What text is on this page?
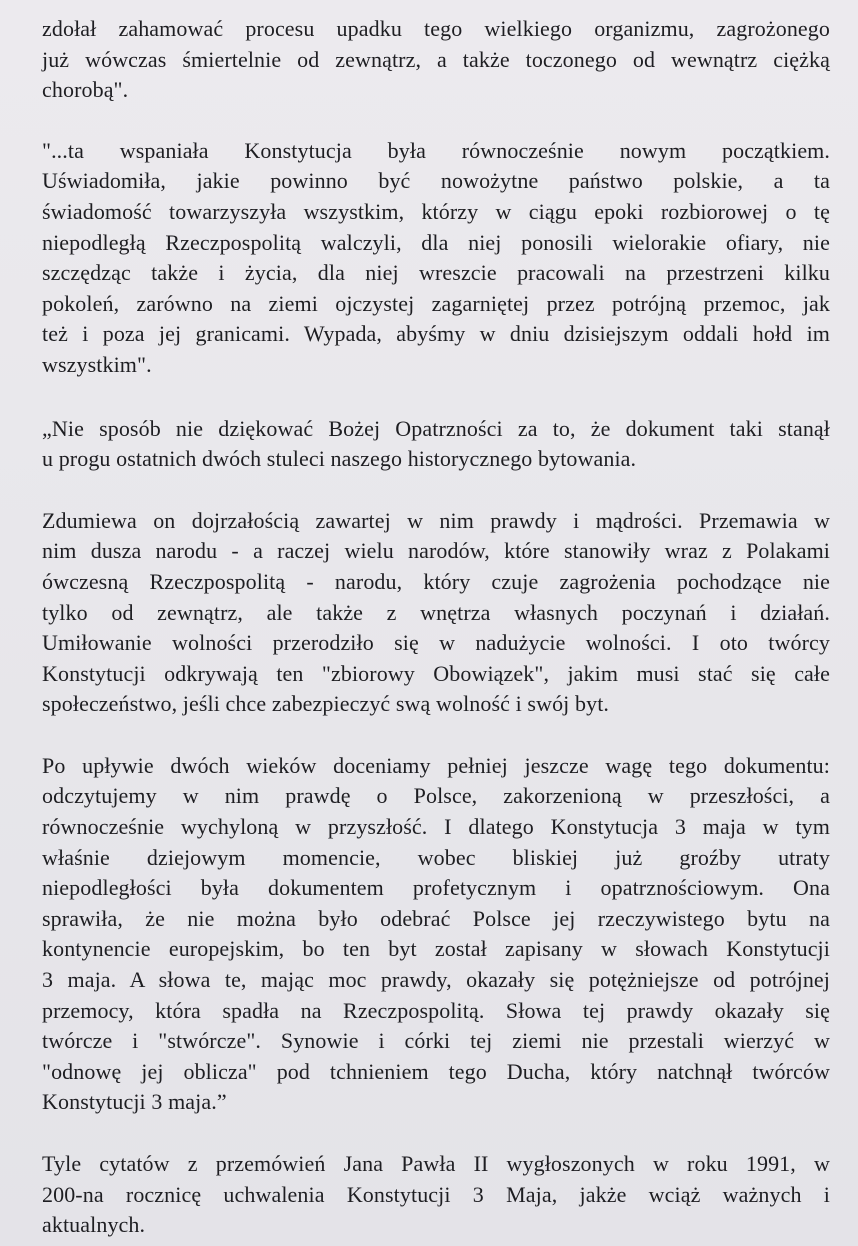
zdołał zahamować procesu upadku tego wielkiego organizmu, zagrożonego
już wówczas śmiertelnie od zewnątrz, a także toczonego od wewnątrz ciężką
chorobą".

"...ta wspaniała Konstytucja była równocześnie nowym początkiem.
Uświadomiła, jakie powinno być nowożytne państwo polskie, a ta
świadomość towarzyszyła wszystkim, którzy w ciągu epoki rozbiorowej o tę
niepodległą Rzeczpospolitą walczyli, dla niej ponosili wielorakie ofiary, nie
szczędząc także i życia, dla niej wreszcie pracowali na przestrzeni kilku
pokoleń, zarówno na ziemi ojczystej zagarniętej przez potrójną przemoc, jak
też i poza jej granicami. Wypada, abyśmy w dniu dzisiejszym oddali hołd im
wszystkim".

„Nie sposób nie dziękować Bożej Opatrzności za to, że dokument taki stanął
u progu ostatnich dwóch stuleci naszego historycznego bytowania.

Zdumiewa on dojrzałością zawartej w nim prawdy i mądrości. Przemawia w
nim dusza narodu - a raczej wielu narodów, które stanowiły wraz z Polakami
ówczesną Rzeczpospolitą - narodu, który czuje zagrożenia pochodzące nie
tylko od zewnątrz, ale także z wnętrza własnych poczynań i działań.
Umiłowanie wolności przerodziło się w nadużycie wolności. I oto twórcy
Konstytucji odkrywają ten "zbiorowy Obowiązek", jakim musi stać się całe
społeczeństwo, jeśli chce zabezpieczyć swą wolność i swój byt.

Po upływie dwóch wieków doceniamy pełniej jeszcze wagę tego dokumentu:
odczytujemy w nim prawdę o Polsce, zakorzenioną w przeszłości, a
równocześnie wychyloną w przyszłość. I dlatego Konstytucja 3 maja w tym
właśnie dziejowym momencie, wobec bliskiej już groźby utraty
niepodległości była dokumentem profetycznym i opatrznościowym. Ona
sprawiła, że nie można było odebrać Polsce jej rzeczywistego bytu na
kontynencie europejskim, bo ten byt został zapisany w słowach Konstytucji
3 maja. A słowa te, mając moc prawdy, okazały się potężniejsze od potrójnej
przemocy, która spadła na Rzeczpospolitą. Słowa tej prawdy okazały się
twórcze i "stwórcze". Synowie i córki tej ziemi nie przestali wierzyć w
"odnowę jej oblicza" pod tchnieniem tego Ducha, który natchnął twórców
Konstytucji 3 maja.”

Tyle cytatów z przemówień Jana Pawła II wygłoszonych w roku 1991, w
200-na rocznicę uchwalenia Konstytucji 3 Maja, jakże wciąż ważnych i
aktualnych.
